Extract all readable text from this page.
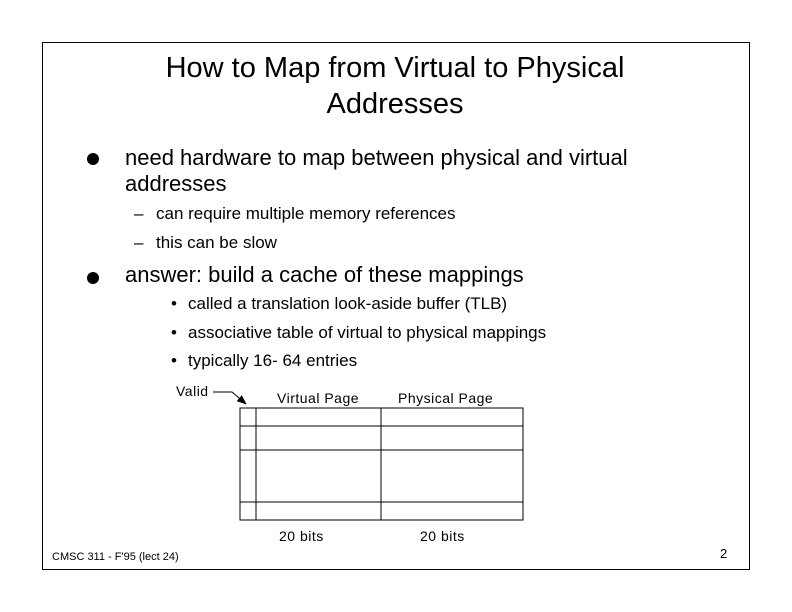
How to Map from Virtual to Physical
Addresses

need hardware to map between physical and virtual

addresses

– can require multiple memory references

– this can be slow

answer: build a cache of these mappings

• called a translation look-aside buffer (TLB)

• associative table of virtual to physical mappings

• typically 16- 64 entries

Valid	Virtual Page	Physical Page
20 bits	20 bits
CMSC 311 - F'95 (lect 24)	2
